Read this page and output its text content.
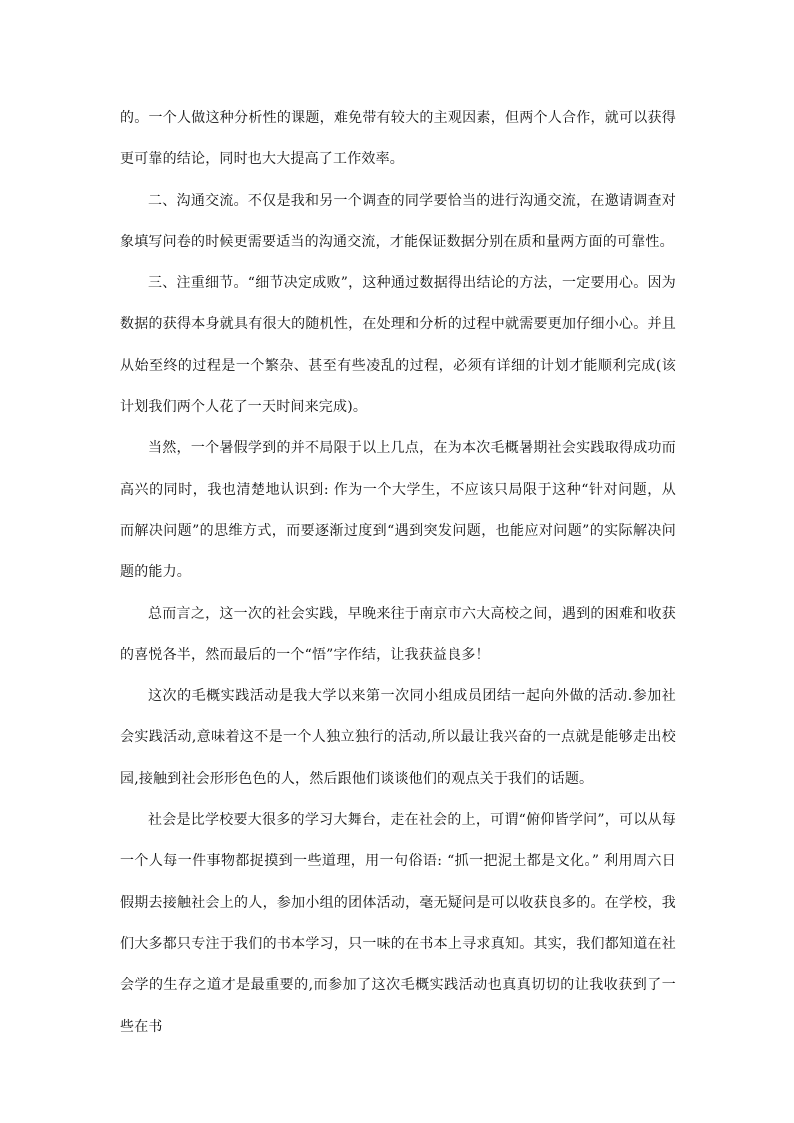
的。一个人做这种分析性的课题，难免带有较大的主观因素，但两个人合作，就可以获得更可靠的结论，同时也大大提高了工作效率。

二、沟通交流。不仅是我和另一个调查的同学要恰当的进行沟通交流，在邀请调查对象填写问卷的时候更需要适当的沟通交流，才能保证数据分别在质和量两方面的可靠性。

三、注重细节。“细节决定成败”，这种通过数据得出结论的方法，一定要用心。因为数据的获得本身就具有很大的随机性，在处理和分析的过程中就需要更加仔细小心。并且从始至终的过程是一个繁杂、甚至有些凌乱的过程，必须有详细的计划才能顺利完成(该计划我们两个人花了一天时间来完成)。

当然，一个暑假学到的并不局限于以上几点，在为本次毛概暑期社会实践取得成功而高兴的同时，我也清楚地认识到: 作为一个大学生，不应该只局限于这种“针对问题，从而解决问题”的思维方式，而要逐渐过度到“遇到突发问题，也能应对问题”的实际解决问题的能力。

总而言之，这一次的社会实践，早晚来往于南京市六大高校之间，遇到的困难和收获的喜悦各半，然而最后的一个“悟”字作结，让我获益良多！

这次的毛概实践活动是我大学以来第一次同小组成员团结一起向外做的活动.参加社会实践活动,意味着这不是一个人独立独行的活动,所以最让我兴奋的一点就是能够走出校园,接触到社会形形色色的人，然后跟他们谈谈他们的观点关于我们的话题。

社会是比学校要大很多的学习大舞台，走在社会的上，可谓“俯仰皆学问”，可以从每一个人每一件事物都捉摸到一些道理，用一句俗语: “抓一把泥土都是文化。” 利用周六日假期去接触社会上的人，参加小组的团体活动，毫无疑问是可以收获良多的。在学校，我们大多都只专注于我们的书本学习，只一味的在书本上寻求真知。其实，我们都知道在社会学的生存之道才是最重要的,而参加了这次毛概实践活动也真真切切的让我收获到了一些在书
